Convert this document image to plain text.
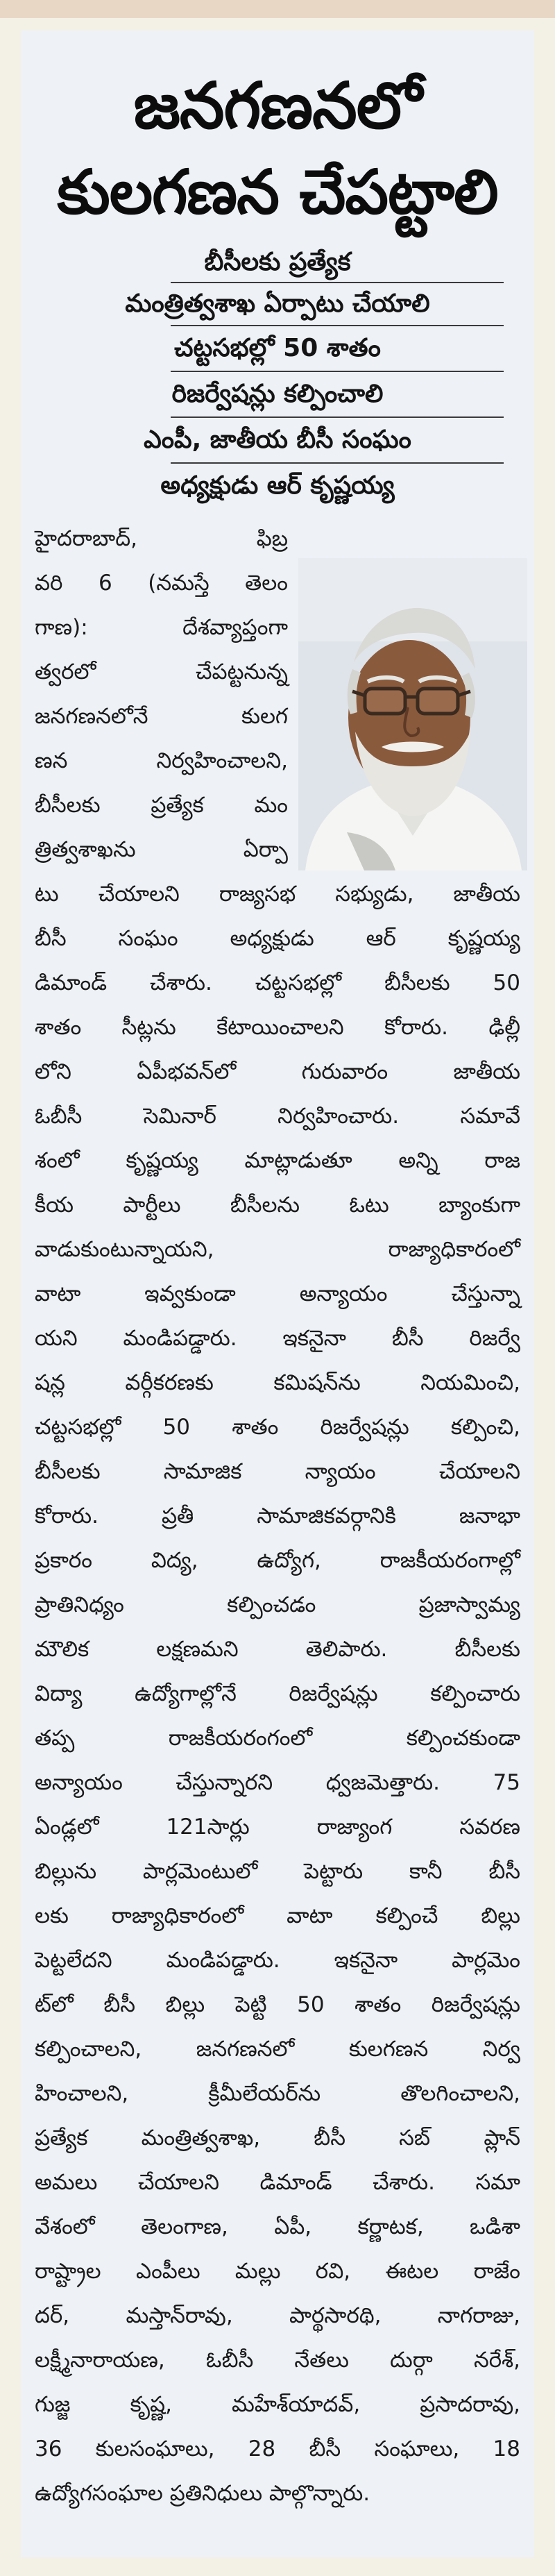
జనగణనలో
కులగణన చేపట్టాలి
బీసీలకు ప్రత్యేక
మంత్రిత్వశాఖ ఏర్పాటు చేయాలి
చట్టసభల్లో 50 శాతం
రిజర్వేషన్లు కల్పించాలి
ఎంపీ, జాతీయ బీసీ సంఘం
అధ్యక్షుడు ఆర్ కృష్ణయ్య
హైదరాబాద్, ఫిబ్ర
వరి 6 (నమస్తే తెలం
గాణ): దేశవ్యాప్తంగా
త్వరలో చేపట్టనున్న
జనగణనలోనే కులగ
ణన నిర్వహించాలని,
బీసీలకు ప్రత్యేక మం
త్రిత్వశాఖను ఏర్పా
టు చేయాలని రాజ్యసభ సభ్యుడు, జాతీయ
బీసీ సంఘం అధ్యక్షుడు ఆర్ కృష్ణయ్య
డిమాండ్ చేశారు. చట్టసభల్లో బీసీలకు 50
శాతం సీట్లను కేటాయించాలని కోరారు. ఢిల్లీ
లోని ఏపీభవన్‌లో గురువారం జాతీయ
ఓబీసీ సెమినార్ నిర్వహించారు. సమావే
శంలో కృష్ణయ్య మాట్లాడుతూ అన్ని రాజ
కీయ పార్టీలు బీసీలను ఓటు బ్యాంకుగా
వాడుకుంటున్నాయని, రాజ్యాధికారంలో
వాటా ఇవ్వకుండా అన్యాయం చేస్తున్నా
యని మండిపడ్డారు. ఇకనైనా బీసీ రిజర్వే
షన్ల వర్గీకరణకు కమిషన్‌ను నియమించి,
చట్టసభల్లో 50 శాతం రిజర్వేషన్లు కల్పించి,
బీసీలకు సామాజిక న్యాయం చేయాలని
కోరారు. ప్రతీ సామాజికవర్గానికి జనాభా
ప్రకారం విద్య, ఉద్యోగ, రాజకీయరంగాల్లో
ప్రాతినిధ్యం కల్పించడం ప్రజాస్వామ్య
మౌలిక లక్షణమని తెలిపారు. బీసీలకు
విద్యా ఉద్యోగాల్లోనే రిజర్వేషన్లు కల్పించారు
తప్ప రాజకీయరంగంలో కల్పించకుండా
అన్యాయం చేస్తున్నారని ధ్వజమెత్తారు. 75
ఏండ్లలో 121సార్లు రాజ్యాంగ సవరణ
బిల్లును పార్లమెంటులో పెట్టారు కానీ బీసీ
లకు రాజ్యాధికారంలో వాటా కల్పించే బిల్లు
పెట్టలేదని మండిపడ్డారు. ఇకనైనా పార్లమెం
ట్‌లో బీసీ బిల్లు పెట్టి 50 శాతం రిజర్వేషన్లు
కల్పించాలని, జనగణనలో కులగణన నిర్వ
హించాలని, క్రీమీలేయర్‌ను తొలగించాలని,
ప్రత్యేక మంత్రిత్వశాఖ, బీసీ సబ్ ప్లాన్
అమలు చేయాలని డిమాండ్ చేశారు. సమా
వేశంలో తెలంగాణ, ఏపీ, కర్ణాటక, ఒడిశా
రాష్ట్రాల ఎంపీలు మల్లు రవి, ఈటల రాజేం
దర్, మస్తాన్‌రావు, పార్థసారథి, నాగరాజు,
లక్ష్మీనారాయణ, ఓబీసీ నేతలు దుర్గా నరేశ్,
గుజ్జ కృష్ణ, మహేశ్‌యాదవ్, ప్రసాదరావు,
36 కులసంఘాలు, 28 బీసీ సంఘాలు, 18
ఉద్యోగసంఘాల ప్రతినిధులు పాల్గొన్నారు.
